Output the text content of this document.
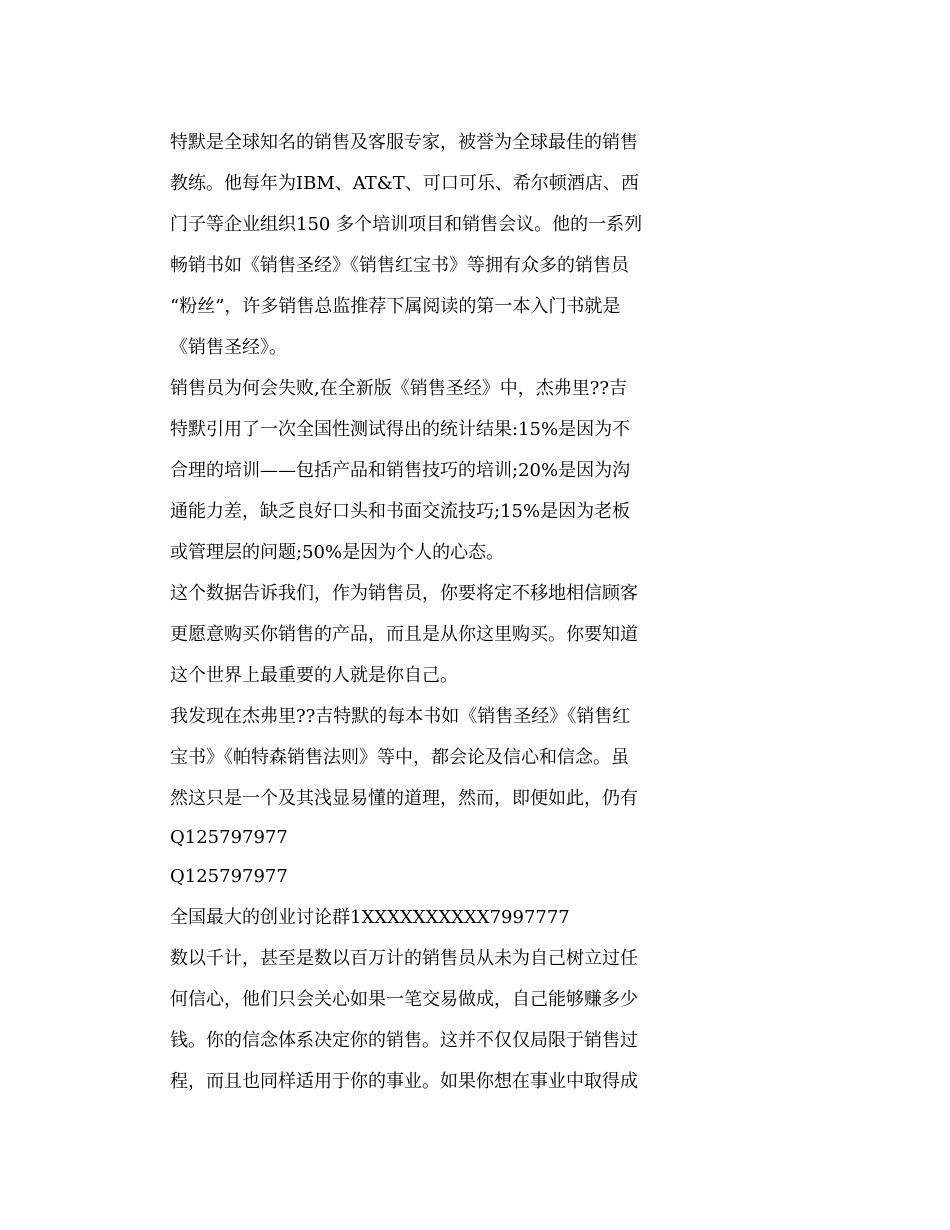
特默是全球知名的销售及客服专家，被誉为全球最佳的销售
教练。他每年为IBM、AT&T、可口可乐、希尔顿酒店、西
门子等企业组织150 多个培训项目和销售会议。他的一系列
畅销书如《销售圣经》《销售红宝书》等拥有众多的销售员
“粉丝”，许多销售总监推荐下属阅读的第一本入门书就是
《销售圣经》。
销售员为何会失败,在全新版《销售圣经》中，杰弗里??吉
特默引用了一次全国性测试得出的统计结果:15%是因为不
合理的培训——包括产品和销售技巧的培训;20%是因为沟
通能力差，缺乏良好口头和书面交流技巧;15%是因为老板
或管理层的问题;50%是因为个人的心态。
这个数据告诉我们，作为销售员，你要将定不移地相信顾客
更愿意购买你销售的产品，而且是从你这里购买。你要知道
这个世界上最重要的人就是你自己。
我发现在杰弗里??吉特默的每本书如《销售圣经》《销售红
宝书》《帕特森销售法则》等中，都会论及信心和信念。虽
然这只是一个及其浅显易懂的道理，然而，即便如此，仍有
Q125797977
Q125797977
全国最大的创业讨论群1XXXXXXXXXX7997777
数以千计，甚至是数以百万计的销售员从未为自己树立过任
何信心，他们只会关心如果一笔交易做成，自己能够赚多少
钱。你的信念体系决定你的销售。这并不仅仅局限于销售过
程，而且也同样适用于你的事业。如果你想在事业中取得成
